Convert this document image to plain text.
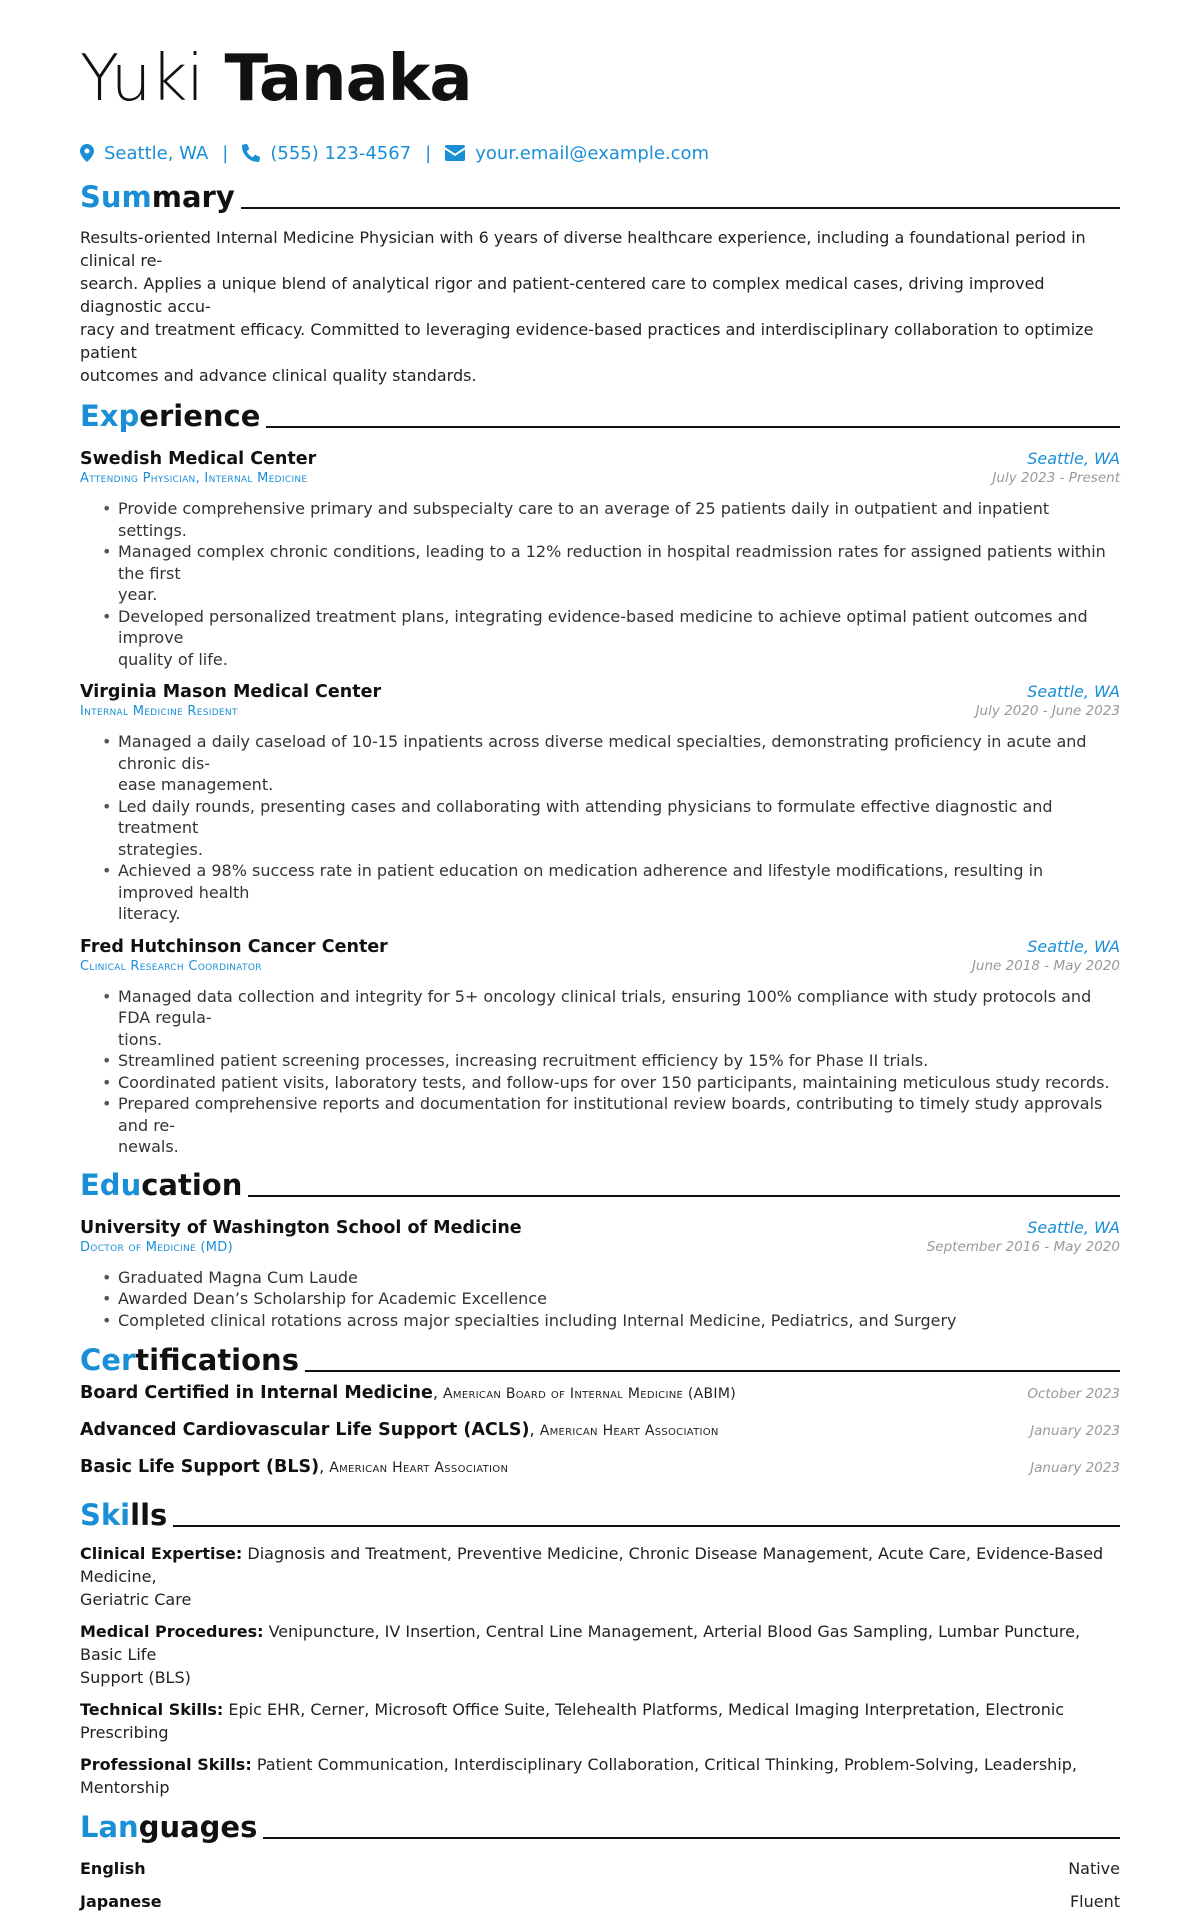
Yuki Tanaka
Seattle, WA | (555) 123-4567 | your.email@example.com
Summary

Results-oriented Internal Medicine Physician with 6 years of diverse healthcare experience, including a foundational period in clinical re-
search. Applies a unique blend of analytical rigor and patient-centered care to complex medical cases, driving improved diagnostic accu-
racy and treatment efficacy. Committed to leveraging evidence-based practices and interdisciplinary collaboration to optimize patient
outcomes and advance clinical quality standards.

Experience
Swedish Medical Center	Seattle, WA
Attending Physician, Internal Medicine	July 2023 - Present
• Provide comprehensive primary and subspecialty care to an average of 25 patients daily in outpatient and inpatient settings.
• Managed complex chronic conditions, leading to a 12% reduction in hospital readmission rates for assigned patients within the first
year.
• Developed personalized treatment plans, integrating evidence-based medicine to achieve optimal patient outcomes and improve
quality of life.
Virginia Mason Medical Center	Seattle, WA
Internal Medicine Resident	July 2020 - June 2023
• Managed a daily caseload of 10-15 inpatients across diverse medical specialties, demonstrating proficiency in acute and chronic dis-
ease management.
• Led daily rounds, presenting cases and collaborating with attending physicians to formulate effective diagnostic and treatment
strategies.
• Achieved a 98% success rate in patient education on medication adherence and lifestyle modifications, resulting in improved health
literacy.
Fred Hutchinson Cancer Center	Seattle, WA
Clinical Research Coordinator	June 2018 - May 2020
• Managed data collection and integrity for 5+ oncology clinical trials, ensuring 100% compliance with study protocols and FDA regula-
tions.
• Streamlined patient screening processes, increasing recruitment efficiency by 15% for Phase II trials.
• Coordinated patient visits, laboratory tests, and follow-ups for over 150 participants, maintaining meticulous study records.
• Prepared comprehensive reports and documentation for institutional review boards, contributing to timely study approvals and re-
newals.
Education
University of Washington School of Medicine	Seattle, WA
Doctor of Medicine (MD)	September 2016 - May 2020
• Graduated Magna Cum Laude
• Awarded Dean’s Scholarship for Academic Excellence
• Completed clinical rotations across major specialties including Internal Medicine, Pediatrics, and Surgery
Certifications
Board Certified in Internal Medicine, American Board of Internal Medicine (ABIM)	October 2023
Advanced Cardiovascular Life Support (ACLS), American Heart Association	January 2023
Basic Life Support (BLS), American Heart Association	January 2023
Skills

Clinical Expertise: Diagnosis and Treatment, Preventive Medicine, Chronic Disease Management, Acute Care, Evidence-Based Medicine,
Geriatric Care

Medical Procedures: Venipuncture, IV Insertion, Central Line Management, Arterial Blood Gas Sampling, Lumbar Puncture, Basic Life
Support (BLS)

Technical Skills: Epic EHR, Cerner, Microsoft Office Suite, Telehealth Platforms, Medical Imaging Interpretation, Electronic Prescribing

Professional Skills: Patient Communication, Interdisciplinary Collaboration, Critical Thinking, Problem-Solving, Leadership, Mentorship

Languages
English	Native
Japanese	Fluent
